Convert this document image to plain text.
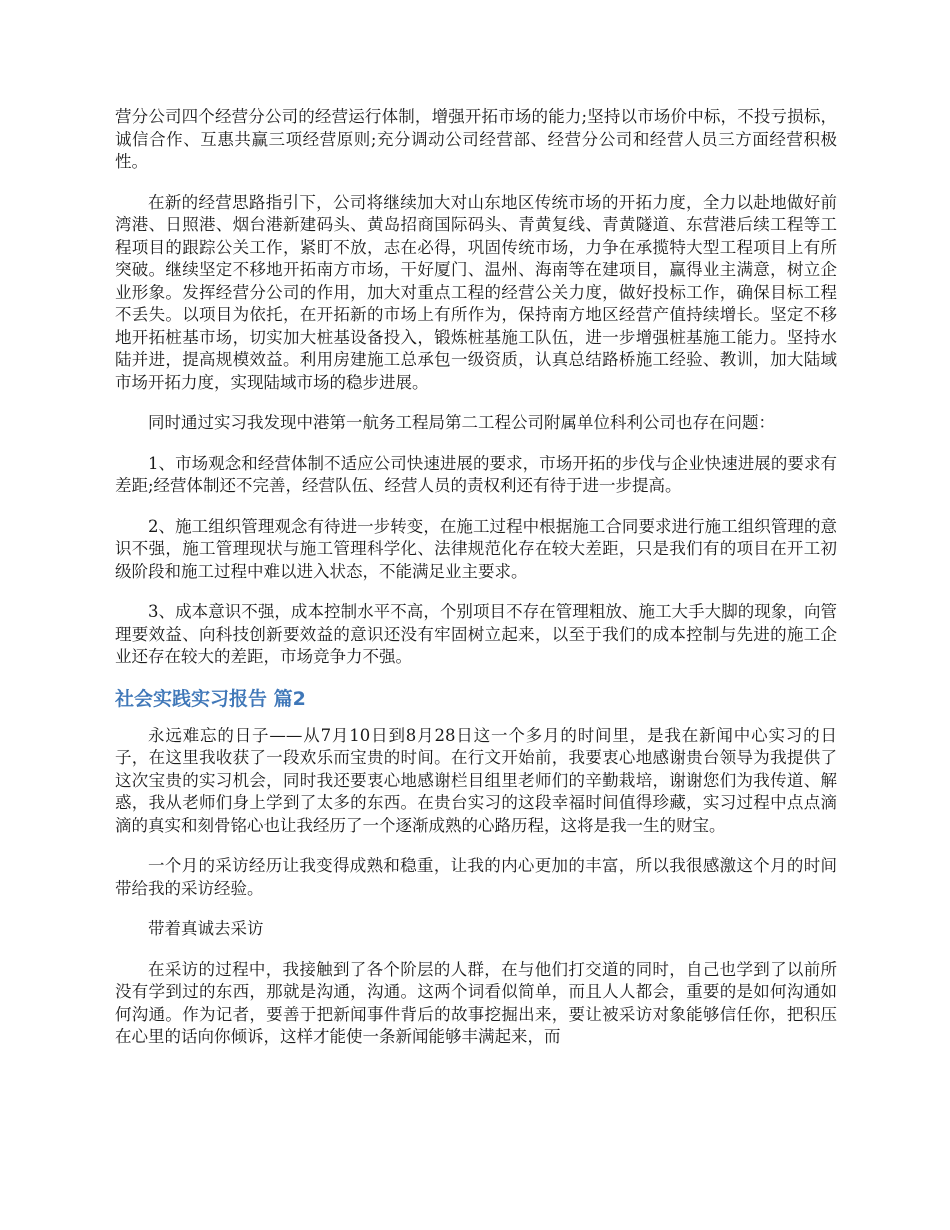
营分公司四个经营分公司的经营运行体制，增强开拓市场的能力;坚持以市场价中标，不投亏损标，诚信合作、互惠共赢三项经营原则;充分调动公司经营部、经营分公司和经营人员三方面经营积极性。

在新的经营思路指引下，公司将继续加大对山东地区传统市场的开拓力度，全力以赴地做好前湾港、日照港、烟台港新建码头、黄岛招商国际码头、青黄复线、青黄隧道、东营港后续工程等工程项目的跟踪公关工作，紧盯不放，志在必得，巩固传统市场，力争在承揽特大型工程项目上有所突破。继续坚定不移地开拓南方市场，干好厦门、温州、海南等在建项目，赢得业主满意，树立企业形象。发挥经营分公司的作用，加大对重点工程的经营公关力度，做好投标工作，确保目标工程不丢失。以项目为依托，在开拓新的市场上有所作为，保持南方地区经营产值持续增长。坚定不移地开拓桩基市场，切实加大桩基设备投入，锻炼桩基施工队伍，进一步增强桩基施工能力。坚持水陆并进，提高规模效益。利用房建施工总承包一级资质，认真总结路桥施工经验、教训，加大陆域市场开拓力度，实现陆域市场的稳步进展。

同时通过实习我发现中港第一航务工程局第二工程公司附属单位科利公司也存在问题：

1、市场观念和经营体制不适应公司快速进展的要求，市场开拓的步伐与企业快速进展的要求有差距;经营体制还不完善，经营队伍、经营人员的责权利还有待于进一步提高。

2、施工组织管理观念有待进一步转变，在施工过程中根据施工合同要求进行施工组织管理的意识不强，施工管理现状与施工管理科学化、法律规范化存在较大差距，只是我们有的项目在开工初级阶段和施工过程中难以进入状态，不能满足业主要求。

3、成本意识不强，成本控制水平不高，个别项目不存在管理粗放、施工大手大脚的现象，向管理要效益、向科技创新要效益的意识还没有牢固树立起来，以至于我们的成本控制与先进的施工企业还存在较大的差距，市场竞争力不强。

社会实践实习报告 篇2

永远难忘的日子——从7月10日到8月28日这一个多月的时间里，是我在新闻中心实习的日子，在这里我收获了一段欢乐而宝贵的时间。在行文开始前，我要衷心地感谢贵台领导为我提供了这次宝贵的实习机会，同时我还要衷心地感谢栏目组里老师们的辛勤栽培，谢谢您们为我传道、解惑，我从老师们身上学到了太多的东西。在贵台实习的这段幸福时间值得珍藏，实习过程中点点滴滴的真实和刻骨铭心也让我经历了一个逐渐成熟的心路历程，这将是我一生的财宝。

一个月的采访经历让我变得成熟和稳重，让我的内心更加的丰富，所以我很感激这个月的时间带给我的采访经验。

带着真诚去采访

在采访的过程中，我接触到了各个阶层的人群，在与他们打交道的同时，自己也学到了以前所没有学到过的东西，那就是沟通，沟通。这两个词看似简单，而且人人都会，重要的是如何沟通如何沟通。作为记者，要善于把新闻事件背后的故事挖掘出来，要让被采访对象能够信任你，把积压在心里的话向你倾诉，这样才能使一条新闻能够丰满起来，而
